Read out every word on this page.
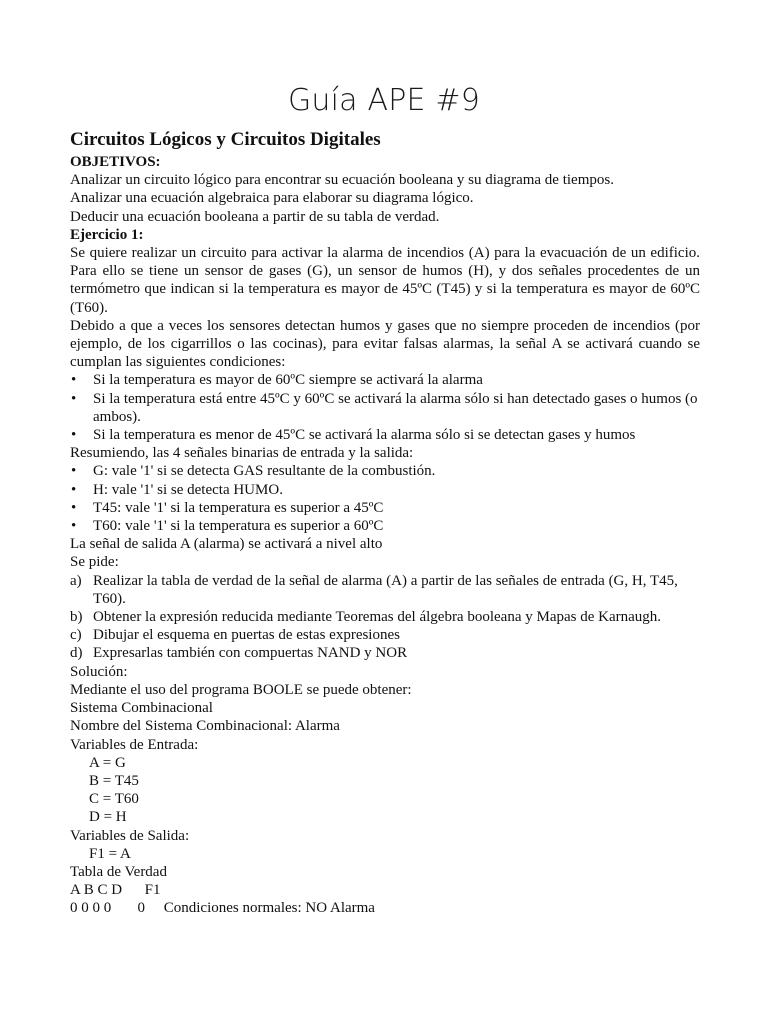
Guía APE #9
Circuitos Lógicos y Circuitos Digitales

OBJETIVOS:

Analizar un circuito lógico para encontrar su ecuación booleana y su diagrama de tiempos.

Analizar una ecuación algebraica para elaborar su diagrama lógico.

Deducir una ecuación booleana a partir de su tabla de verdad.

Ejercicio 1:

Se quiere realizar un circuito para activar la alarma de incendios (A) para la evacuación de un edificio. Para ello se tiene un sensor de gases (G), un sensor de humos (H), y dos señales procedentes de un termómetro que indican si la temperatura es mayor de 45ºC (T45) y si la temperatura es mayor de 60ºC (T60).

Debido a que a veces los sensores detectan humos y gases que no siempre proceden de incendios (por ejemplo, de los cigarrillos o las cocinas), para evitar falsas alarmas, la señal A se activará cuando se cumplan las siguientes condiciones:

• Si la temperatura es mayor de 60ºC siempre se activará la alarma
• Si la temperatura está entre 45ºC y 60ºC se activará la alarma sólo si han detectado gases o humos (o ambos).
• Si la temperatura es menor de 45ºC se activará la alarma sólo si se detectan gases y humos

Resumiendo, las 4 señales binarias de entrada y la salida:

• G: vale '1' si se detecta GAS resultante de la combustión.
• H: vale '1' si se detecta HUMO.
• T45: vale '1' si la temperatura es superior a 45ºC
• T60: vale '1' si la temperatura es superior a 60ºC

La señal de salida A (alarma) se activará a nivel alto

Se pide:

a) Realizar la tabla de verdad de la señal de alarma (A) a partir de las señales de entrada (G, H, T45, T60).
b) Obtener la expresión reducida mediante Teoremas del álgebra booleana y Mapas de Karnaugh.
c) Dibujar el esquema en puertas de estas expresiones
d) Expresarlas también con compuertas NAND y NOR

Solución:

Mediante el uso del programa BOOLE se puede obtener:

Sistema Combinacional

Nombre del Sistema Combinacional: Alarma

Variables de Entrada:

A = G

B = T45

C = T60

D = H

Variables de Salida:

F1 = A

Tabla de Verdad

A B C D      F1

0 0 0 0       0     Condiciones normales: NO Alarma
